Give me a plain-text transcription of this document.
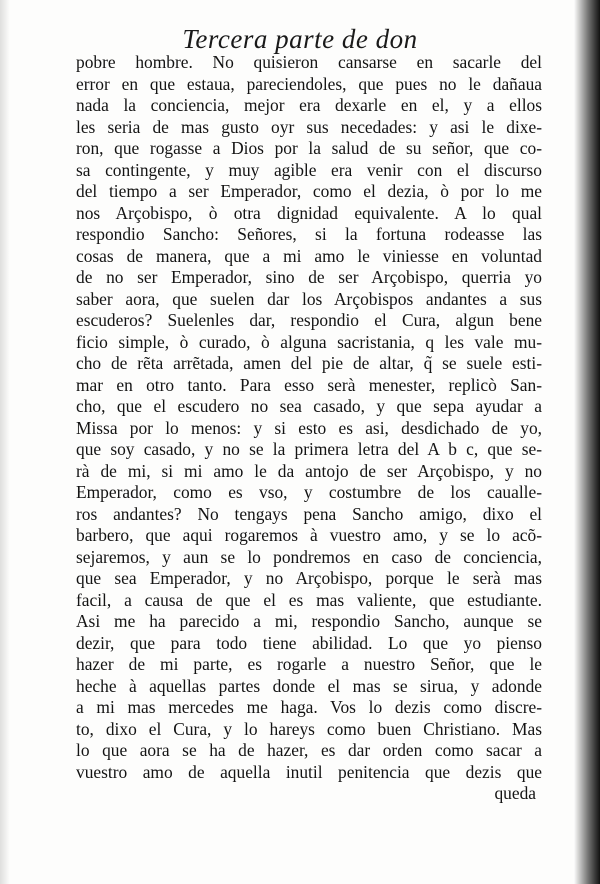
Tercera parte de don
pobre hombre. No quisieron cansarse en sacarle del
error en que estaua, pareciendoles, que pues no le dañaua
nada la conciencia, mejor era dexarle en el, y a ellos
les seria de mas gusto oyr sus necedades: y asi le dixe-
ron, que rogasse a Dios por la salud de su señor, que co-
sa contingente, y muy agible era venir con el discurso
del tiempo a ser Emperador, como el dezia, ò por lo me
nos Arçobispo, ò otra dignidad equivalente. A lo qual
respondio Sancho: Señores, si la fortuna rodeasse las
cosas de manera, que a mi amo le viniesse en voluntad
de no ser Emperador, sino de ser Arçobispo, querria yo
saber aora, que suelen dar los Arçobispos andantes a sus
escuderos? Suelenles dar, respondio el Cura, algun bene
ficio simple, ò curado, ò alguna sacristania, q les vale mu-
cho de rẽta arrẽtada, amen del pie de altar, q̃ se suele esti-
mar en otro tanto. Para esso serà menester, replicò San-
cho, que el escudero no sea casado, y que sepa ayudar a
Missa por lo menos: y si esto es asi, desdichado de yo,
que soy casado, y no se la primera letra del A b c, que se-
rà de mi, si mi amo le da antojo de ser Arçobispo, y no
Emperador, como es vso, y costumbre de los caualle-
ros andantes? No tengays pena Sancho amigo, dixo el
barbero, que aqui rogaremos à vuestro amo, y se lo acõ-
sejaremos, y aun se lo pondremos en caso de conciencia,
que sea Emperador, y no Arçobispo, porque le serà mas
facil, a causa de que el es mas valiente, que estudiante.
Asi me ha parecido a mi, respondio Sancho, aunque se
dezir, que para todo tiene abilidad. Lo que yo pienso
hazer de mi parte, es rogarle a nuestro Señor, que le
heche à aquellas partes donde el mas se sirua, y adonde
a mi mas mercedes me haga. Vos lo dezis como discre-
to, dixo el Cura, y lo hareys como buen Christiano. Mas
lo que aora se ha de hazer, es dar orden como sacar a
vuestro amo de aquella inutil penitencia que dezis que
queda
